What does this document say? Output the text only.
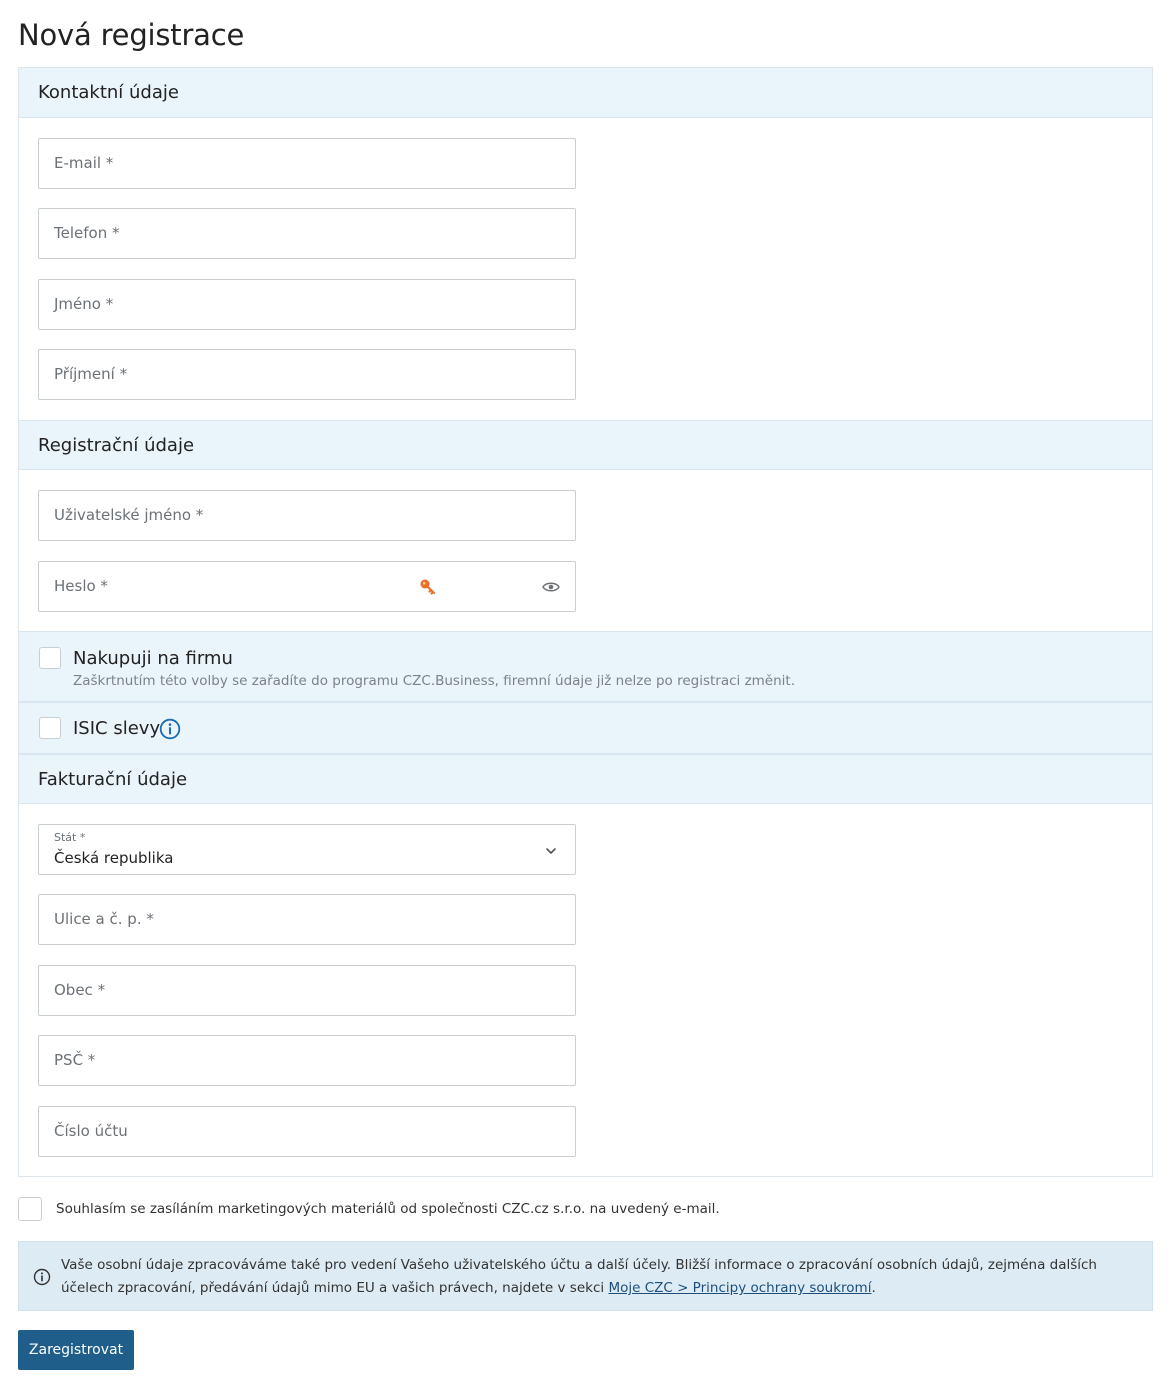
Nová registrace
Kontaktní údaje
E-mail *
Telefon *
Jméno *
Příjmení *
Registrační údaje
Uživatelské jméno *
Heslo *
Nakupuji na firmu
Zaškrtnutím této volby se zařadíte do programu CZC.Business, firemní údaje již nelze po registraci změnit.
ISIC slevy
Fakturační údaje
Stát *
Česká republika
Ulice a č. p. *
Obec *
PSČ *
Číslo účtu
Souhlasím se zasíláním marketingových materiálů od společnosti CZC.cz s.r.o. na uvedený e-mail.
Vaše osobní údaje zpracováváme také pro vedení Vašeho uživatelského účtu a další účely. Bližší informace o zpracování osobních údajů, zejména dalších účelech zpracování, předávání údajů mimo EU a vašich právech, najdete v sekci Moje CZC > Principy ochrany soukromí.
Zaregistrovat
